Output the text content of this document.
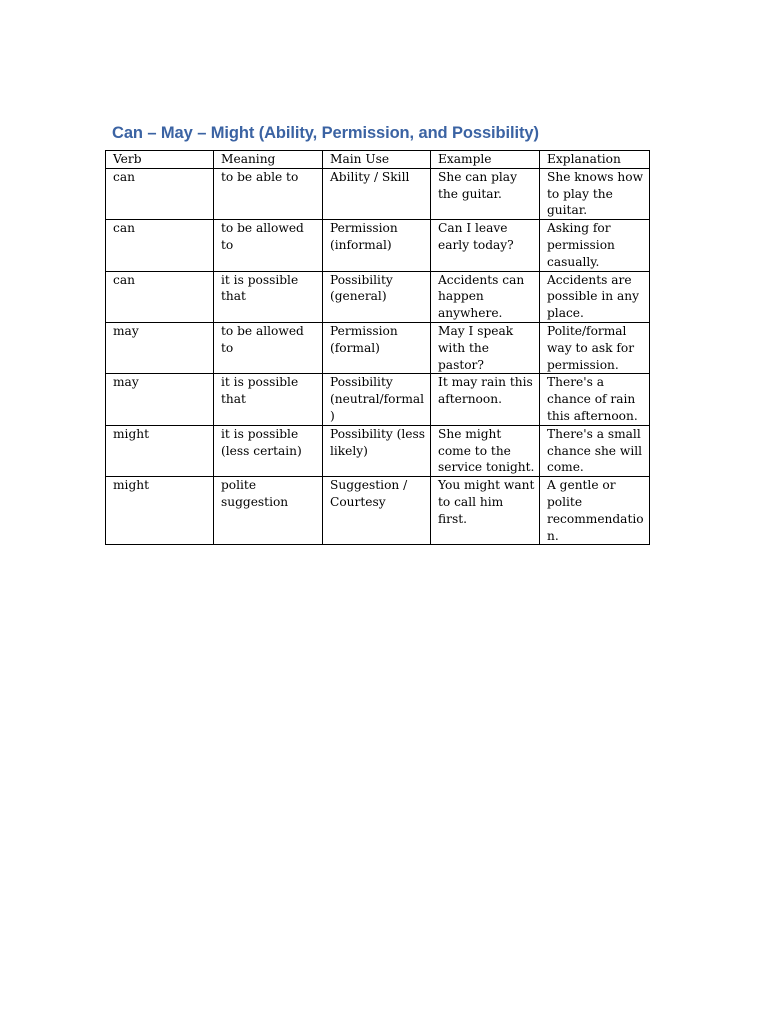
Can – May – Might (Ability, Permission, and Possibility)
Verb	Meaning	Main Use	Example	Explanation
can	to be able to	Ability / Skill	She can play the guitar.	She knows how to play the guitar.
can	to be allowed to	Permission (informal)	Can I leave early today?	Asking for permission casually.
can	it is possible that	Possibility (general)	Accidents can happen anywhere.	Accidents are possible in any place.
may	to be allowed to	Permission (formal)	May I speak with the pastor?	Polite/formal way to ask for permission.
may	it is possible that	Possibility (neutral/formal)	It may rain this afternoon.	There's a chance of rain this afternoon.
might	it is possible (less certain)	Possibility (less likely)	She might come to the service tonight.	There's a small chance she will come.
might	polite suggestion	Suggestion / Courtesy	You might want to call him first.	A gentle or polite recommendation.
